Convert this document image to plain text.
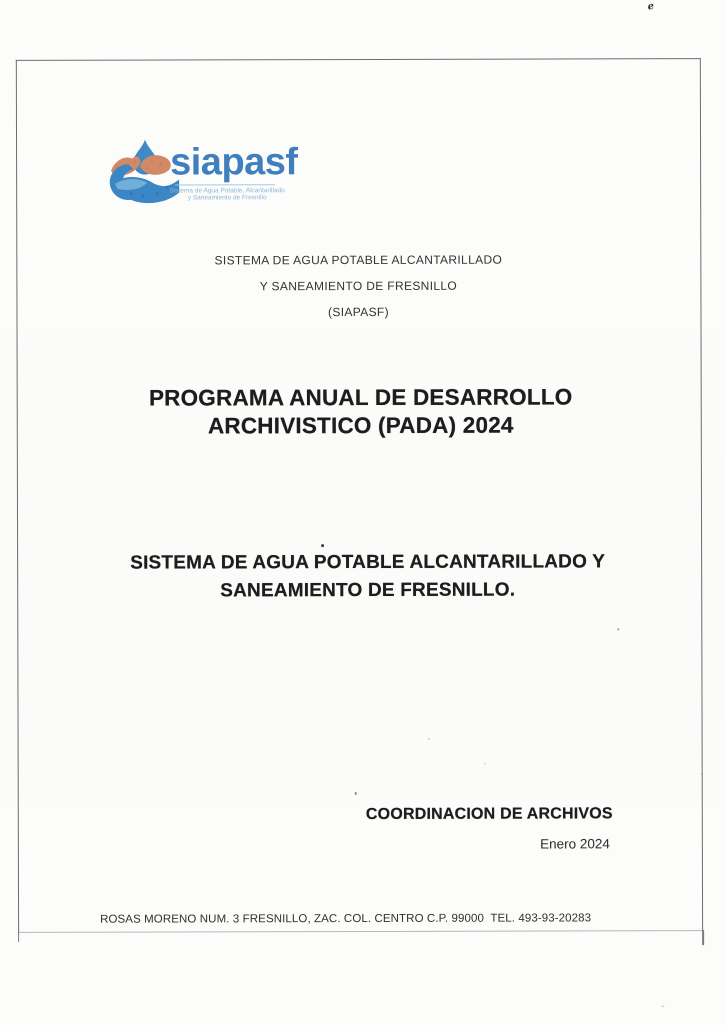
e
siapasf
Sistema de Agua Potable, Alcantarillado
y Saneamiento de Fresnillo
SISTEMA DE AGUA POTABLE ALCANTARILLADO
Y SANEAMIENTO DE FRESNILLO
(SIAPASF)
PROGRAMA ANUAL DE DESARROLLO
ARCHIVISTICO (PADA) 2024
SISTEMA DE AGUA POTABLE ALCANTARILLADO Y
SANEAMIENTO DE FRESNILLO.
COORDINACION DE ARCHIVOS
Enero 2024
ROSAS MORENO NUM. 3 FRESNILLO, ZAC. COL. CENTRO C.P. 99000  TEL. 493-93-20283
